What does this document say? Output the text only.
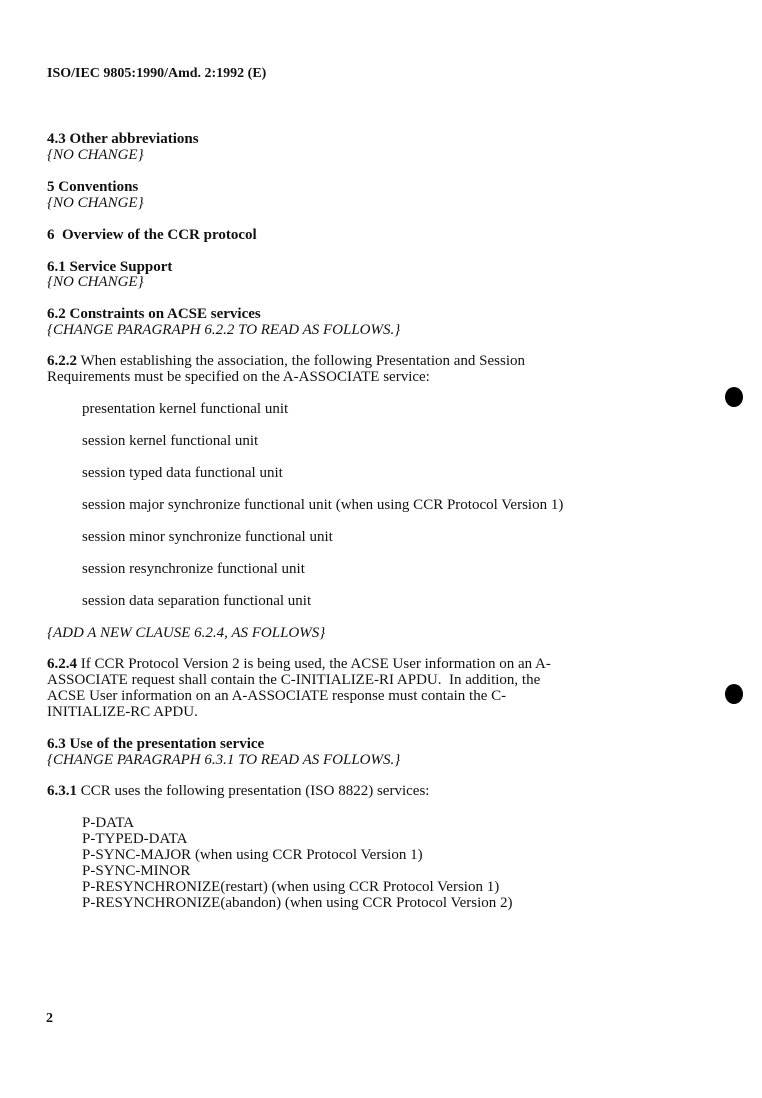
ISO/IEC 9805:1990/Amd. 2:1992 (E)
4.3 Other abbreviations
{NO CHANGE}
5 Conventions
{NO CHANGE}
6  Overview of the CCR protocol
6.1 Service Support
{NO CHANGE}
6.2 Constraints on ACSE services
{CHANGE PARAGRAPH 6.2.2 TO READ AS FOLLOWS.}
6.2.2 When establishing the association, the following Presentation and Session
Requirements must be specified on the A-ASSOCIATE service:
presentation kernel functional unit
session kernel functional unit
session typed data functional unit
session major synchronize functional unit (when using CCR Protocol Version 1)
session minor synchronize functional unit
session resynchronize functional unit
session data separation functional unit
{ADD A NEW CLAUSE 6.2.4, AS FOLLOWS}
6.2.4 If CCR Protocol Version 2 is being used, the ACSE User information on an A-
ASSOCIATE request shall contain the C-INITIALIZE-RI APDU.  In addition, the
ACSE User information on an A-ASSOCIATE response must contain the C-
INITIALIZE-RC APDU.
6.3 Use of the presentation service
{CHANGE PARAGRAPH 6.3.1 TO READ AS FOLLOWS.}
6.3.1 CCR uses the following presentation (ISO 8822) services:
P-DATA
P-TYPED-DATA
P-SYNC-MAJOR (when using CCR Protocol Version 1)
P-SYNC-MINOR
P-RESYNCHRONIZE(restart) (when using CCR Protocol Version 1)
P-RESYNCHRONIZE(abandon) (when using CCR Protocol Version 2)
2
